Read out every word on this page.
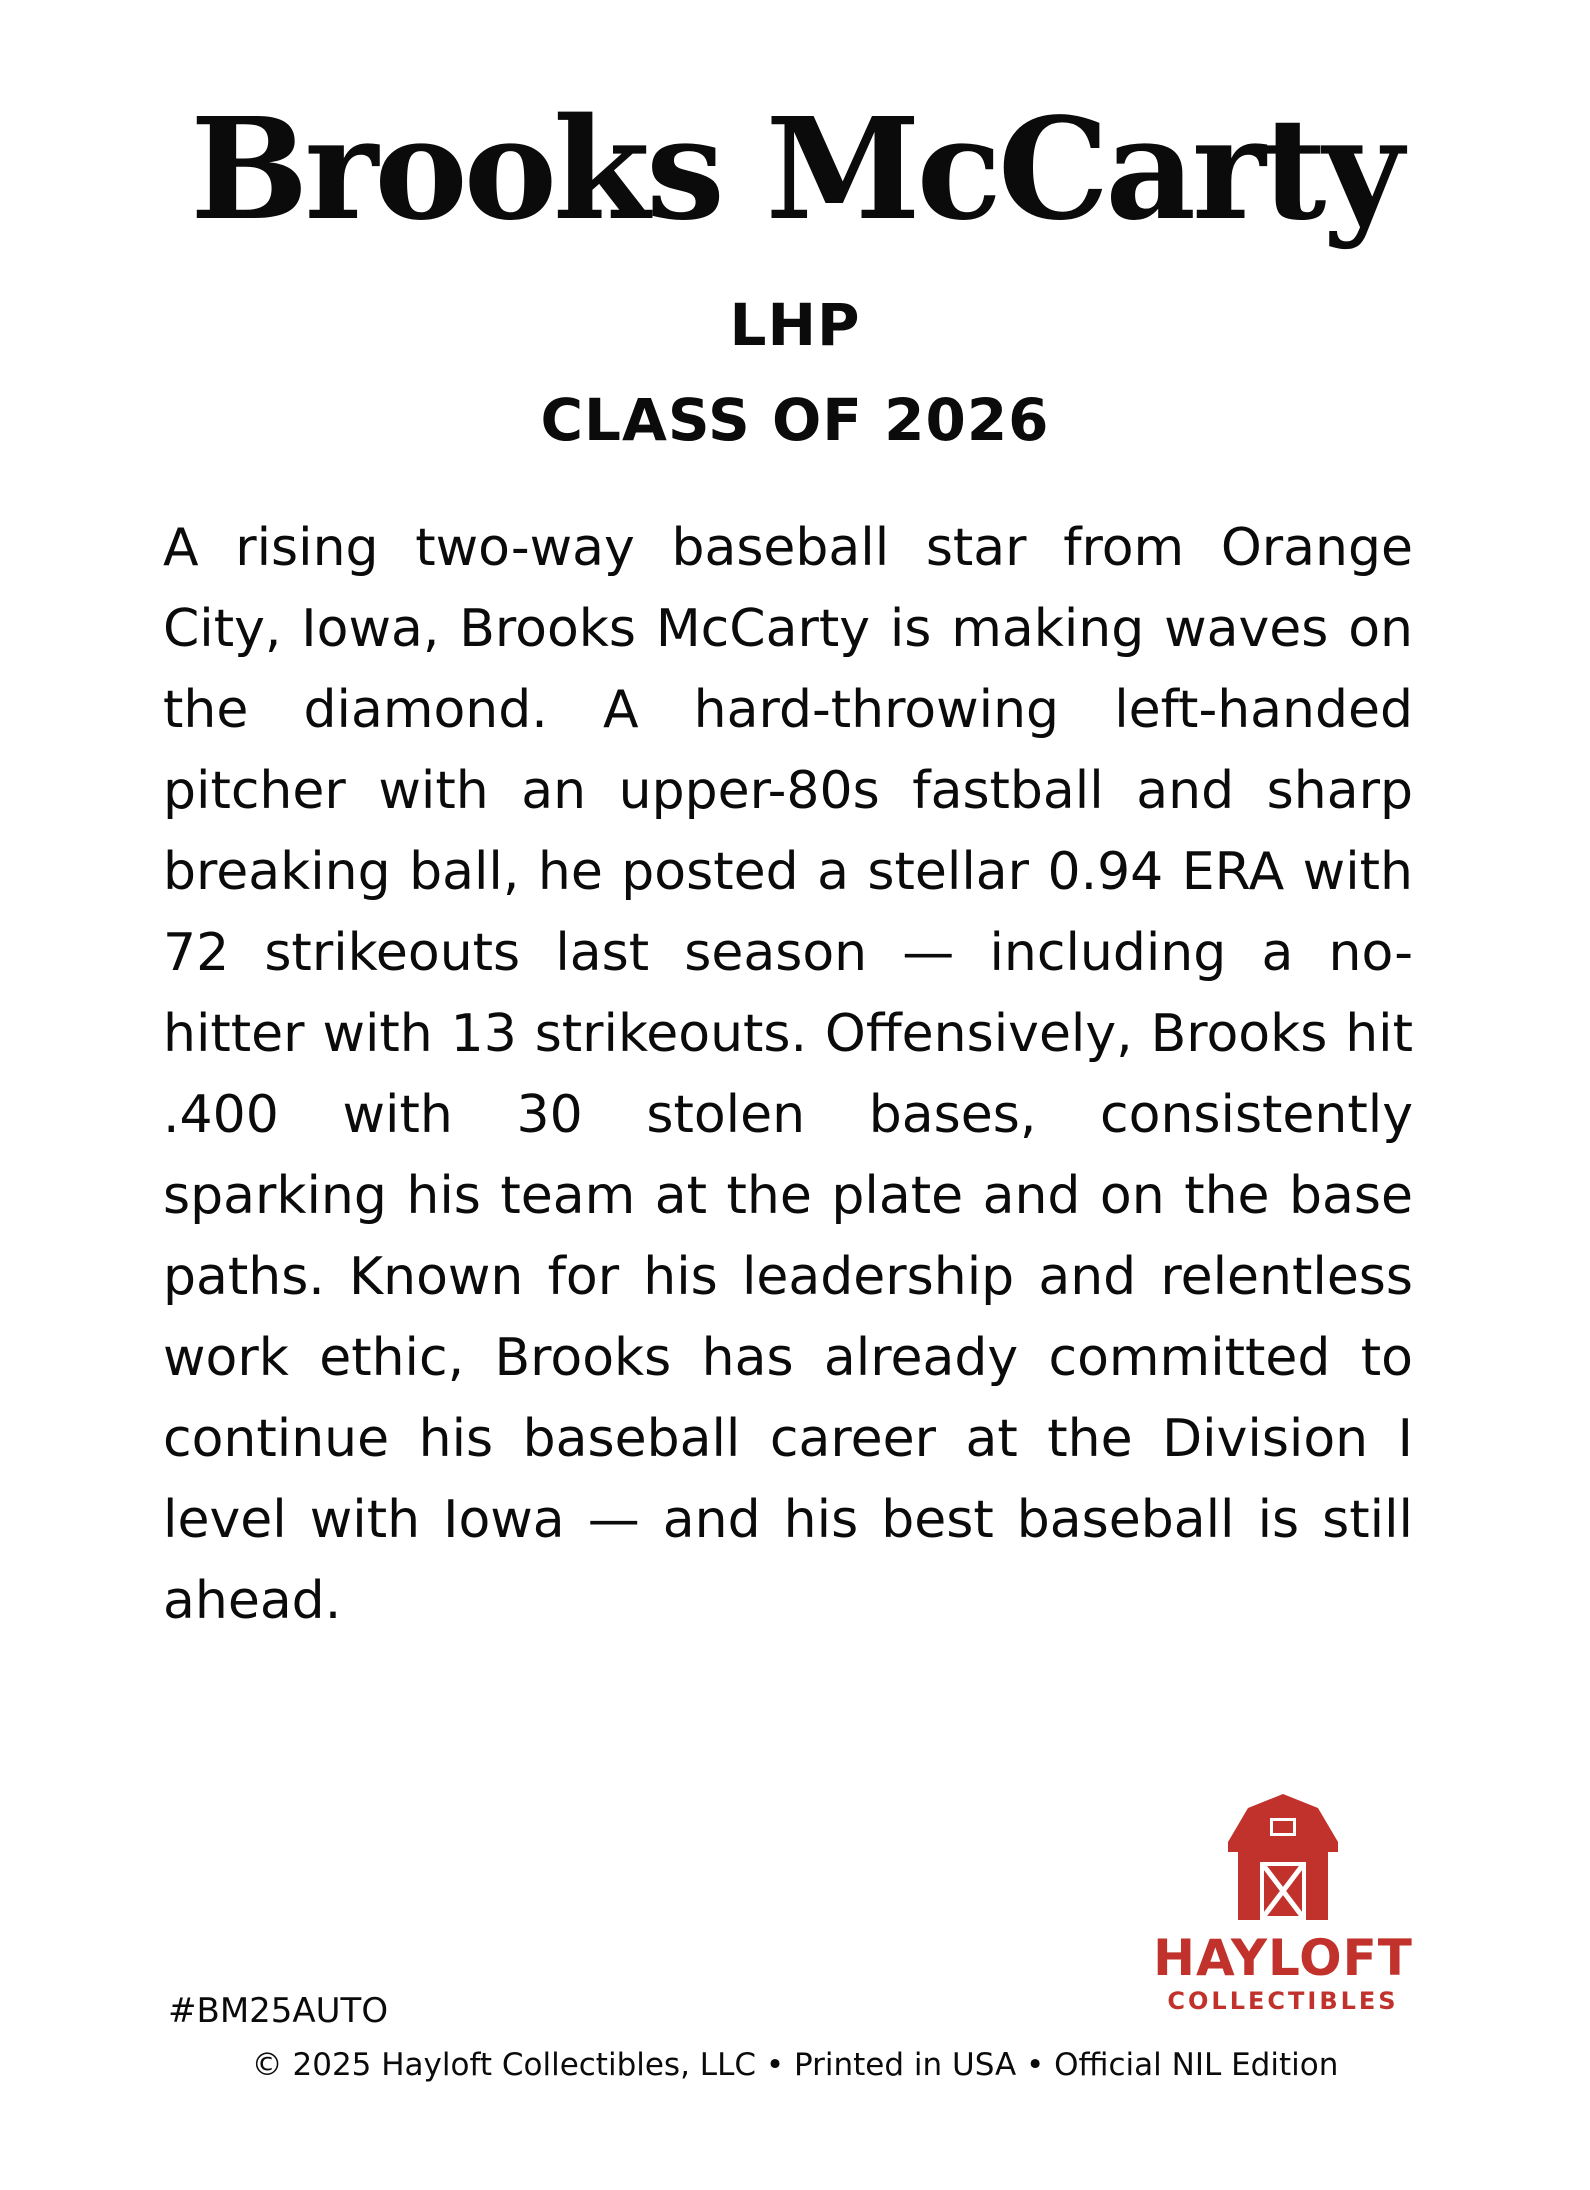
Brooks McCarty
LHP
CLASS OF 2026

A rising two-way baseball star from Orange City, Iowa, Brooks McCarty is making waves on the diamond. A hard-throwing left-handed pitcher with an upper-80s fastball and sharp breaking ball, he posted a stellar 0.94 ERA with 72 strikeouts last season — including a no-hitter with 13 strikeouts. Offensively, Brooks hit .400 with 30 stolen bases, consistently sparking his team at the plate and on the base paths. Known for his leadership and relentless work ethic, Brooks has already committed to continue his baseball career at the Division I level with Iowa — and his best baseball is still ahead.

HAYLOFT
COLLECTIBLES
#BM25AUTO
© 2025 Hayloft Collectibles, LLC • Printed in USA • Official NIL Edition
